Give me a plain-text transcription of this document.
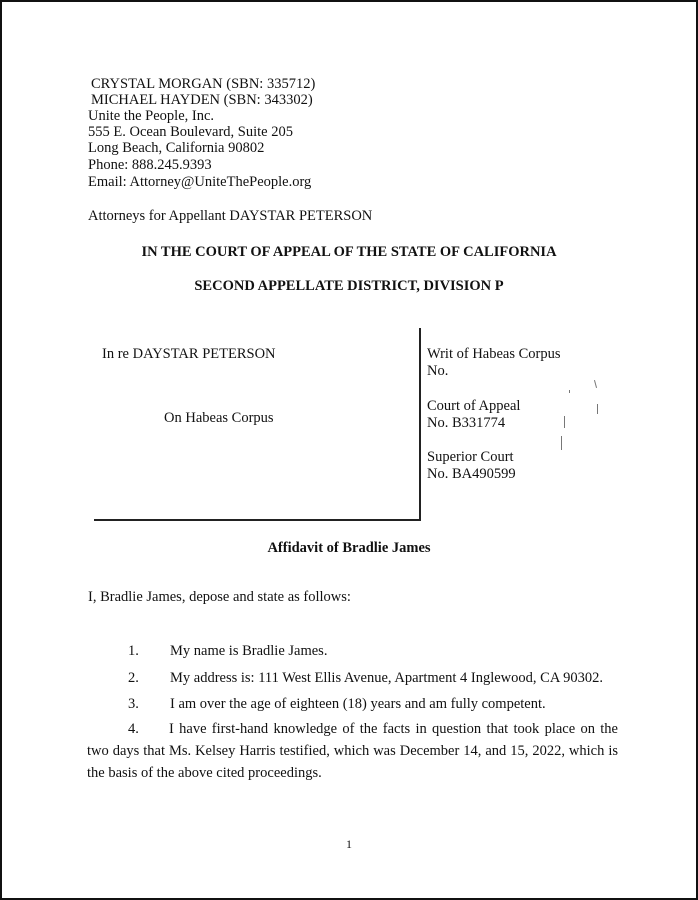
CRYSTAL MORGAN (SBN: 335712)
MICHAEL HAYDEN (SBN: 343302)
Unite the People, Inc.
555 E. Ocean Boulevard, Suite 205
Long Beach, California 90802
Phone: 888.245.9393
Email: Attorney@UniteThePeople.org
Attorneys for Appellant DAYSTAR PETERSON
IN THE COURT OF APPEAL OF THE STATE OF CALIFORNIA
SECOND APPELLATE DISTRICT, DIVISION P
In re DAYSTAR PETERSON
On Habeas Corpus
Writ of Habeas Corpus
No.
Court of Appeal
No. B331774
Superior Court
No. BA490599
Affidavit of Bradlie James
I, Bradlie James, depose and state as follows:
1. My name is Bradlie James.
2. My address is: 111 West Ellis Avenue, Apartment 4 Inglewood, CA 90302.
3. I am over the age of eighteen (18) years and am fully competent.
4.	I have first-hand knowledge of the facts in question that took place on the two days that Ms. Kelsey Harris testified, which was December 14, and 15, 2022, which is the basis of the above cited proceedings.
1
